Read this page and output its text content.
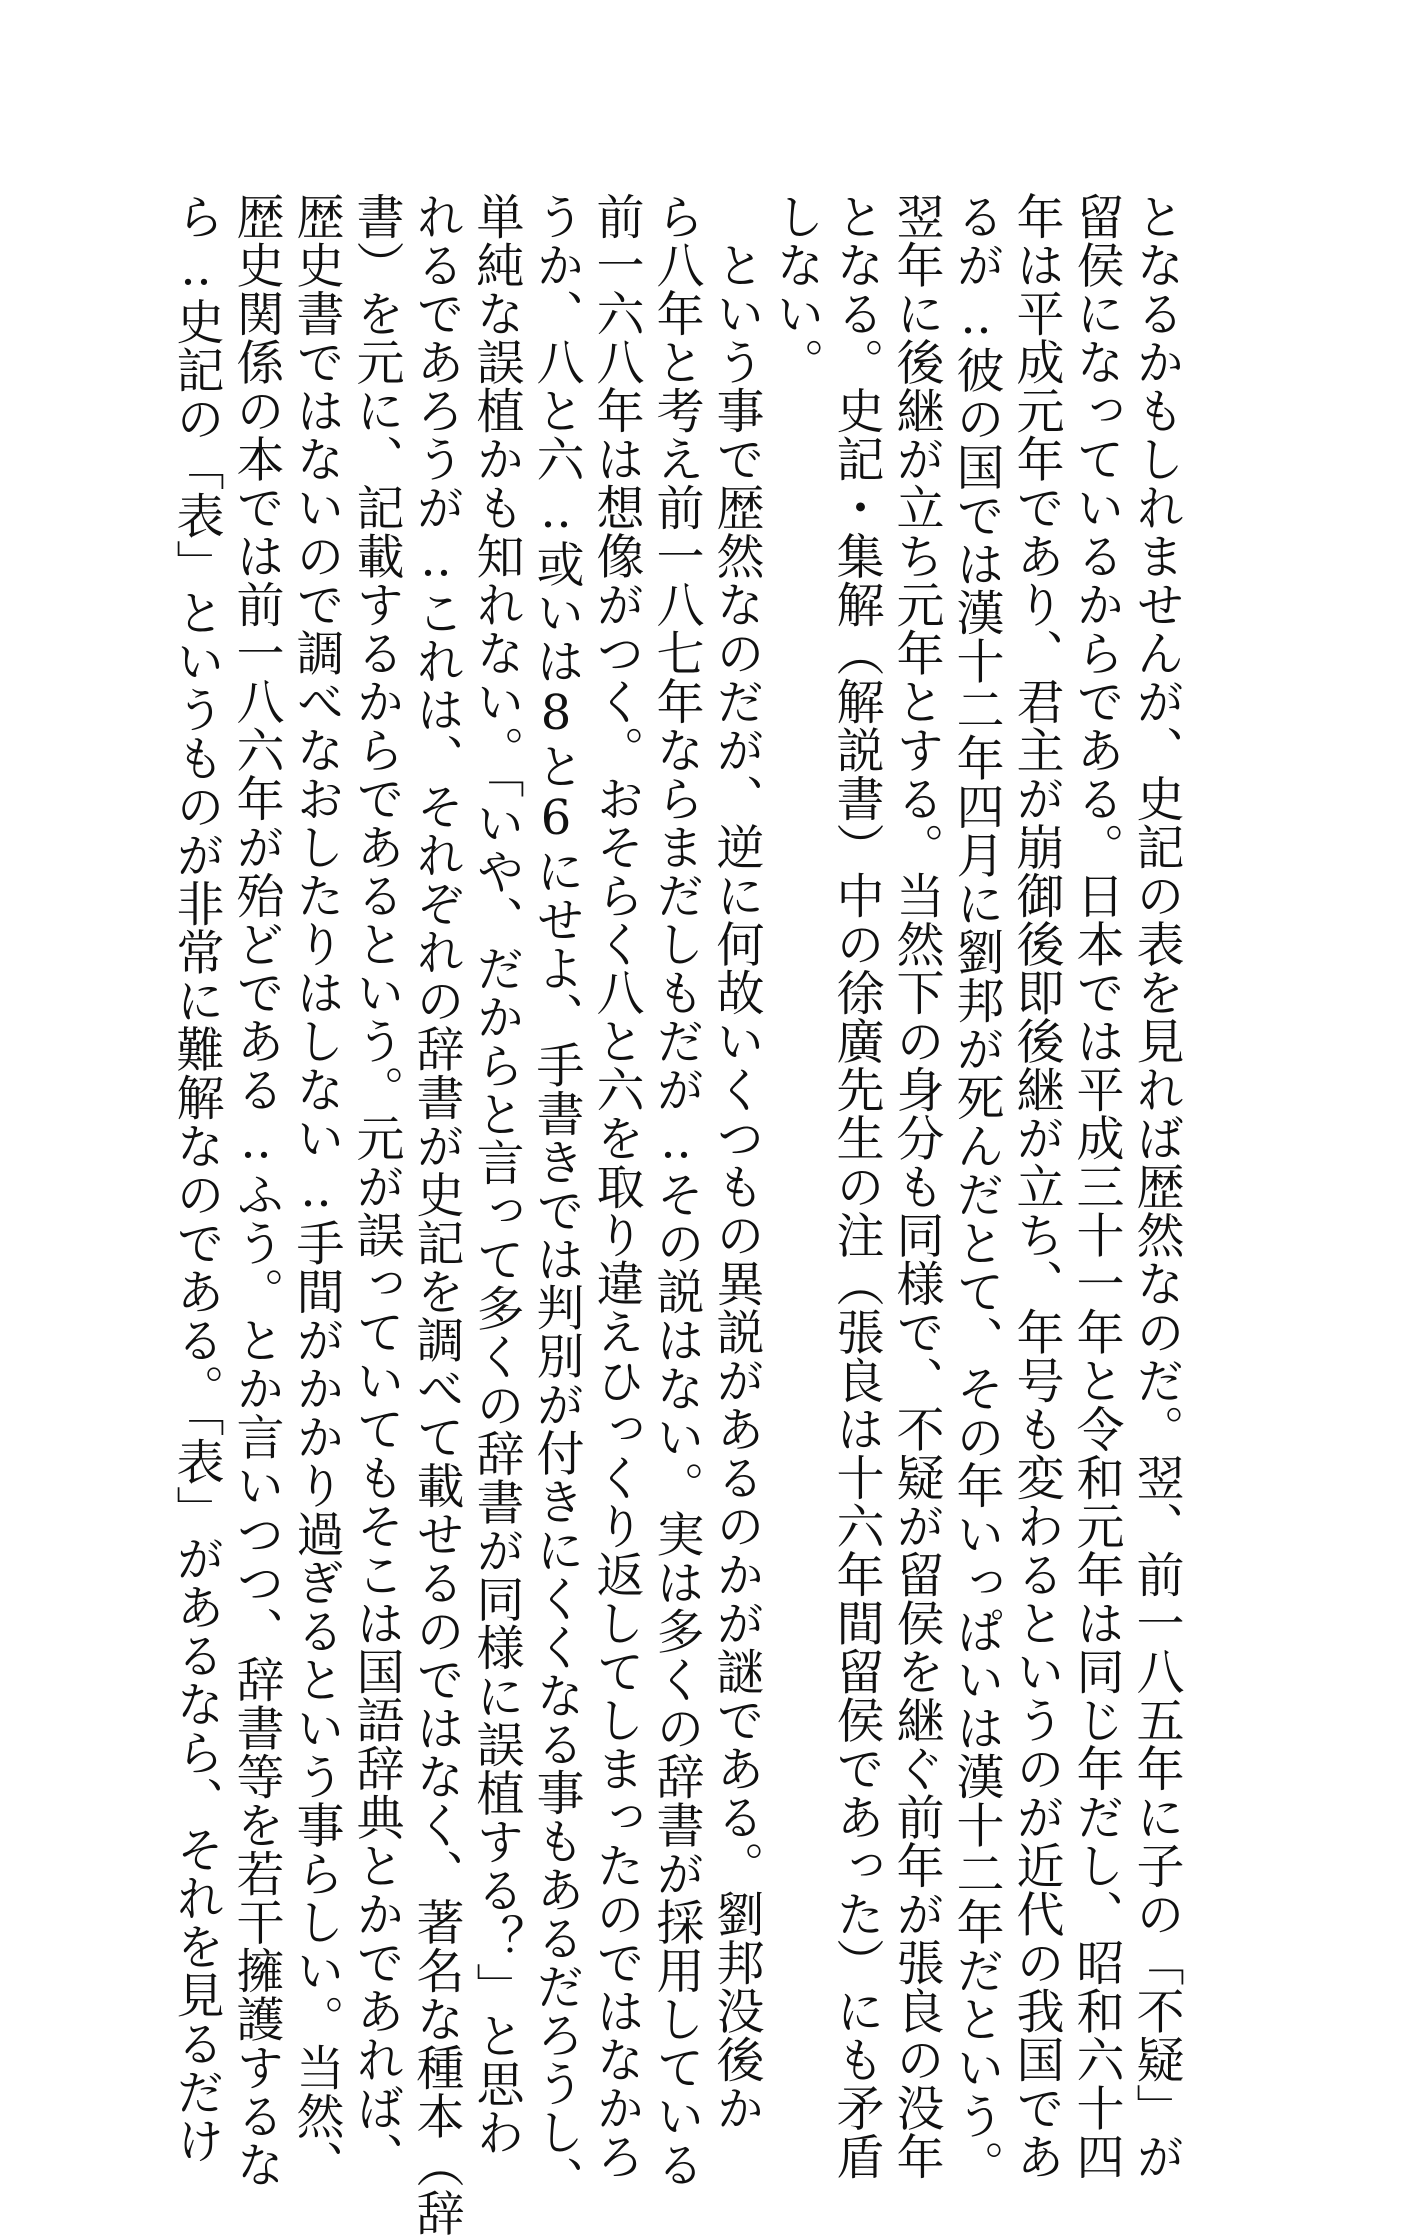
となるかもしれませんが、史記の表を見れば歴然なのだ。翌、前一八五年に子の「不疑」が

留侯になっているからである。日本では平成三十一年と令和元年は同じ年だし、昭和六十四

年は平成元年であり、君主が崩御後即後継が立ち、年号も変わるというのが近代の我国であ

るが‥彼の国では漢十二年四月に劉邦が死んだとて、その年いっぱいは漢十二年だという。

翌年に後継が立ち元年とする。当然下の身分も同様で、不疑が留侯を継ぐ前年が張良の没年

となる。史記・集解（解説書）中の徐廣先生の注（張良は十六年間留侯であった）にも矛盾

しない。

　という事で歴然なのだが、逆に何故いくつもの異説があるのかが謎である。劉邦没後か

ら八年と考え前一八七年ならまだしもだが‥その説はない。実は多くの辞書が採用している

前一六八年は想像がつく。おそらく八と六を取り違えひっくり返してしまったのではなかろ

うか、八と六‥或いは8と6にせよ、手書きでは判別が付きにくくなる事もあるだろうし、

単純な誤植かも知れない。「いや、だからと言って多くの辞書が同様に誤植する？」と思わ

れるであろうが‥これは、それぞれの辞書が史記を調べて載せるのではなく、著名な種本（辞

書）を元に、記載するからであるという。元が誤っていてもそこは国語辞典とかであれば、

歴史書ではないので調べなおしたりはしない‥手間がかかり過ぎるという事らしい。当然、

歴史関係の本では前一八六年が殆どである‥ふう。とか言いつつ、辞書等を若干擁護するな

ら‥史記の「表」というものが非常に難解なのである。「表」があるなら、それを見るだけ
